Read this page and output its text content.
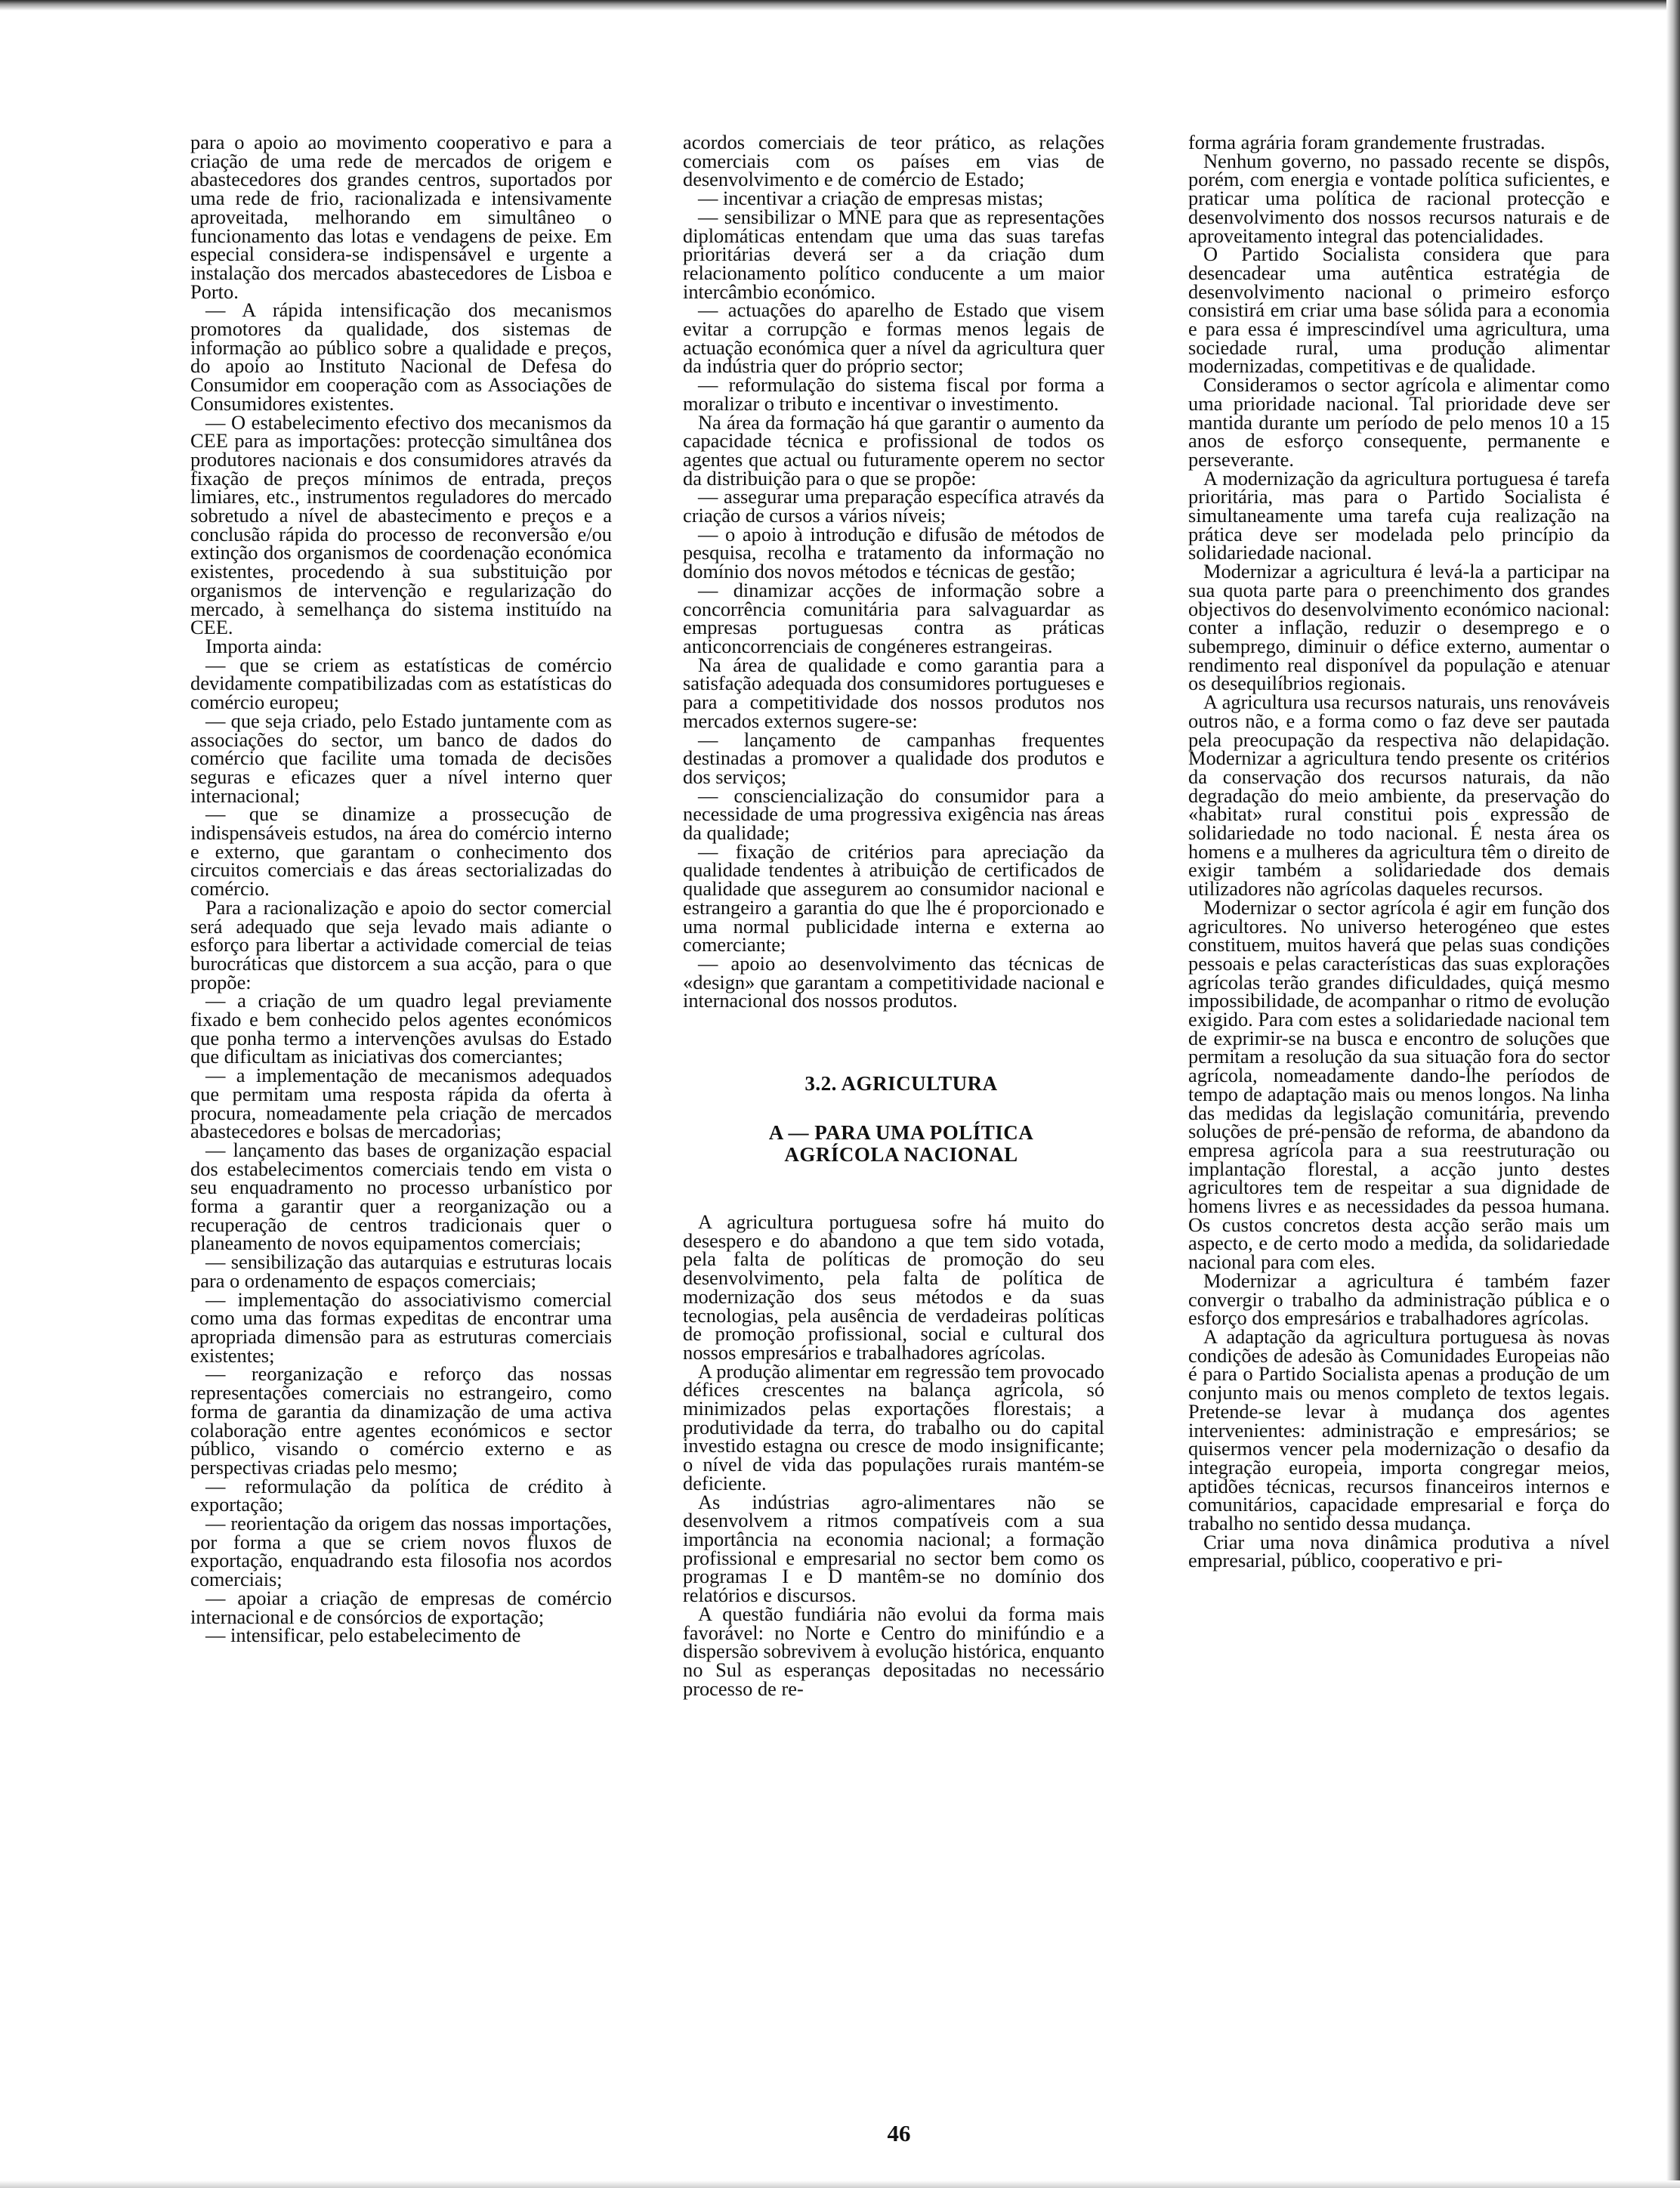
para o apoio ao movimento cooperativo e para a criação de uma rede de mercados de origem e abastecedores dos grandes centros, suportados por uma rede de frio, racionalizada e intensivamente aproveitada, melhorando em simultâneo o funcionamento das lotas e vendagens de peixe. Em especial considera-se indispensável e urgente a instalação dos mercados abastecedores de Lisboa e Porto.

— A rápida intensificação dos mecanismos promotores da qualidade, dos sistemas de informação ao público sobre a qualidade e preços, do apoio ao Instituto Nacional de Defesa do Consumidor em cooperação com as Associações de Consumidores existentes.

— O estabelecimento efectivo dos mecanismos da CEE para as importações: protecção simultânea dos produtores nacionais e dos consumidores através da fixação de preços mínimos de entrada, preços limiares, etc., instrumentos reguladores do mercado sobretudo a nível de abastecimento e preços e a conclusão rápida do processo de reconversão e/ou extinção dos organismos de coordenação económica existentes, procedendo à sua substituição por organismos de intervenção e regularização do mercado, à semelhança do sistema instituído na CEE.

Importa ainda:

— que se criem as estatísticas de comércio devidamente compatibilizadas com as estatísticas do comércio europeu;

— que seja criado, pelo Estado juntamente com as associações do sector, um banco de dados do comércio que facilite uma tomada de decisões seguras e eficazes quer a nível interno quer internacional;

— que se dinamize a prossecução de indispensáveis estudos, na área do comércio interno e externo, que garantam o conhecimento dos circuitos comerciais e das áreas sectorializadas do comércio.

Para a racionalização e apoio do sector comercial será adequado que seja levado mais adiante o esforço para libertar a actividade comercial de teias burocráticas que distorcem a sua acção, para o que propõe:

— a criação de um quadro legal previamente fixado e bem conhecido pelos agentes económicos que ponha termo a intervenções avulsas do Estado que dificultam as iniciativas dos comerciantes;

— a implementação de mecanismos adequados que permitam uma resposta rápida da oferta à procura, nomeadamente pela criação de mercados abastecedores e bolsas de mercadorias;

— lançamento das bases de organização espacial dos estabelecimentos comerciais tendo em vista o seu enquadramento no processo urbanístico por forma a garantir quer a reorganização ou a recuperação de centros tradicionais quer o planeamento de novos equipamentos comerciais;

— sensibilização das autarquias e estruturas locais para o ordenamento de espaços comerciais;

— implementação do associativismo comercial como uma das formas expeditas de encontrar uma apropriada dimensão para as estruturas comerciais existentes;

— reorganização e reforço das nossas representações comerciais no estrangeiro, como forma de garantia da dinamização de uma activa colaboração entre agentes económicos e sector público, visando o comércio externo e as perspectivas criadas pelo mesmo;

— reformulação da política de crédito à exportação;

— reorientação da origem das nossas importações, por forma a que se criem novos fluxos de exportação, enquadrando esta filosofia nos acordos comerciais;

— apoiar a criação de empresas de comércio internacional e de consórcios de exportação;

— intensificar, pelo estabelecimento de

acordos comerciais de teor prático, as relações comerciais com os países em vias de desenvolvimento e de comércio de Estado;

— incentivar a criação de empresas mistas;

— sensibilizar o MNE para que as representações diplomáticas entendam que uma das suas tarefas prioritárias deverá ser a da criação dum relacionamento político conducente a um maior intercâmbio económico.

— actuações do aparelho de Estado que visem evitar a corrupção e formas menos legais de actuação económica quer a nível da agricultura quer da indústria quer do próprio sector;

— reformulação do sistema fiscal por forma a moralizar o tributo e incentivar o investimento.

Na área da formação há que garantir o aumento da capacidade técnica e profissional de todos os agentes que actual ou futuramente operem no sector da distribuição para o que se propõe:

— assegurar uma preparação específica através da criação de cursos a vários níveis;

— o apoio à introdução e difusão de métodos de pesquisa, recolha e tratamento da informação no domínio dos novos métodos e técnicas de gestão;

— dinamizar acções de informação sobre a concorrência comunitária para salvaguardar as empresas portuguesas contra as práticas anticoncorrenciais de congéneres estrangeiras.

Na área de qualidade e como garantia para a satisfação adequada dos consumidores portugueses e para a competitividade dos nossos produtos nos mercados externos sugere-se:

— lançamento de campanhas frequentes destinadas a promover a qualidade dos produtos e dos serviços;

— consciencialização do consumidor para a necessidade de uma progressiva exigência nas áreas da qualidade;

— fixação de critérios para apreciação da qualidade tendentes à atribuição de certificados de qualidade que assegurem ao consumidor nacional e estrangeiro a garantia do que lhe é proporcionado e uma normal publicidade interna e externa ao comerciante;

— apoio ao desenvolvimento das técnicas de «design» que garantam a competitividade nacional e internacional dos nossos produtos.

3.2. AGRICULTURA

A — PARA UMA POLÍTICA

AGRÍCOLA NACIONAL

A agricultura portuguesa sofre há muito do desespero e do abandono a que tem sido votada, pela falta de políticas de promoção do seu desenvolvimento, pela falta de política de modernização dos seus métodos e da suas tecnologias, pela ausência de verdadeiras políticas de promoção profissional, social e cultural dos nossos empresários e trabalhadores agrícolas.

A produção alimentar em regressão tem provocado défices crescentes na balança agrícola, só minimizados pelas exportações florestais; a produtividade da terra, do trabalho ou do capital investido estagna ou cresce de modo insignificante; o nível de vida das populações rurais mantém-se deficiente.

As indústrias agro-alimentares não se desenvolvem a ritmos compatíveis com a sua importância na economia nacional; a formação profissional e empresarial no sector bem como os programas I e D mantêm-se no domínio dos relatórios e discursos.

A questão fundiária não evolui da forma mais favorável: no Norte e Centro do minifúndio e a dispersão sobrevivem à evolução histórica, enquanto no Sul as esperanças depositadas no necessário processo de re-

forma agrária foram grandemente frustradas.

Nenhum governo, no passado recente se dispôs, porém, com energia e vontade política suficientes, e praticar uma política de racional protecção e desenvolvimento dos nossos recursos naturais e de aproveitamento integral das potencialidades.

O Partido Socialista considera que para desencadear uma autêntica estratégia de desenvolvimento nacional o primeiro esforço consistirá em criar uma base sólida para a economia e para essa é imprescindível uma agricultura, uma sociedade rural, uma produção alimentar modernizadas, competitivas e de qualidade.

Consideramos o sector agrícola e alimentar como uma prioridade nacional. Tal prioridade deve ser mantida durante um período de pelo menos 10 a 15 anos de esforço consequente, permanente e perseverante.

A modernização da agricultura portuguesa é tarefa prioritária, mas para o Partido Socialista é simultaneamente uma tarefa cuja realização na prática deve ser modelada pelo princípio da solidariedade nacional.

Modernizar a agricultura é levá-la a participar na sua quota parte para o preenchimento dos grandes objectivos do desenvolvimento económico nacional: conter a inflação, reduzir o desemprego e o subemprego, diminuir o défice externo, aumentar o rendimento real disponível da população e atenuar os desequilíbrios regionais.

A agricultura usa recursos naturais, uns renováveis outros não, e a forma como o faz deve ser pautada pela preocupação da respectiva não delapidação. Modernizar a agricultura tendo presente os critérios da conservação dos recursos naturais, da não degradação do meio ambiente, da preservação do «habitat» rural constitui pois expressão de solidariedade no todo nacional. É nesta área os homens e a mulheres da agricultura têm o direito de exigir também a solidariedade dos demais utilizadores não agrícolas daqueles recursos.

Modernizar o sector agrícola é agir em função dos agricultores. No universo heterogéneo que estes constituem, muitos haverá que pelas suas condições pessoais e pelas características das suas explorações agrícolas terão grandes dificuldades, quiçá mesmo impossibilidade, de acompanhar o ritmo de evolução exigido. Para com estes a solidariedade nacional tem de exprimir-se na busca e encontro de soluções que permitam a resolução da sua situação fora do sector agrícola, nomeadamente dando-lhe períodos de tempo de adaptação mais ou menos longos. Na linha das medidas da legislação comunitária, prevendo soluções de pré-pensão de reforma, de abandono da empresa agrícola para a sua reestruturação ou implantação florestal, a acção junto destes agricultores tem de respeitar a sua dignidade de homens livres e as necessidades da pessoa humana. Os custos concretos desta acção serão mais um aspecto, e de certo modo a medida, da solidariedade nacional para com eles.

Modernizar a agricultura é também fazer convergir o trabalho da administração pública e o esforço dos empresários e trabalhadores agrícolas.

A adaptação da agricultura portuguesa às novas condições de adesão às Comunidades Europeias não é para o Partido Socialista apenas a produção de um conjunto mais ou menos completo de textos legais. Pretende-se levar à mudança dos agentes intervenientes: administração e empresários; se quisermos vencer pela modernização o desafio da integração europeia, importa congregar meios, aptidões técnicas, recursos financeiros internos e comunitários, capacidade empresarial e força do trabalho no sentido dessa mudança.

Criar uma nova dinâmica produtiva a nível empresarial, público, cooperativo e pri-

46
